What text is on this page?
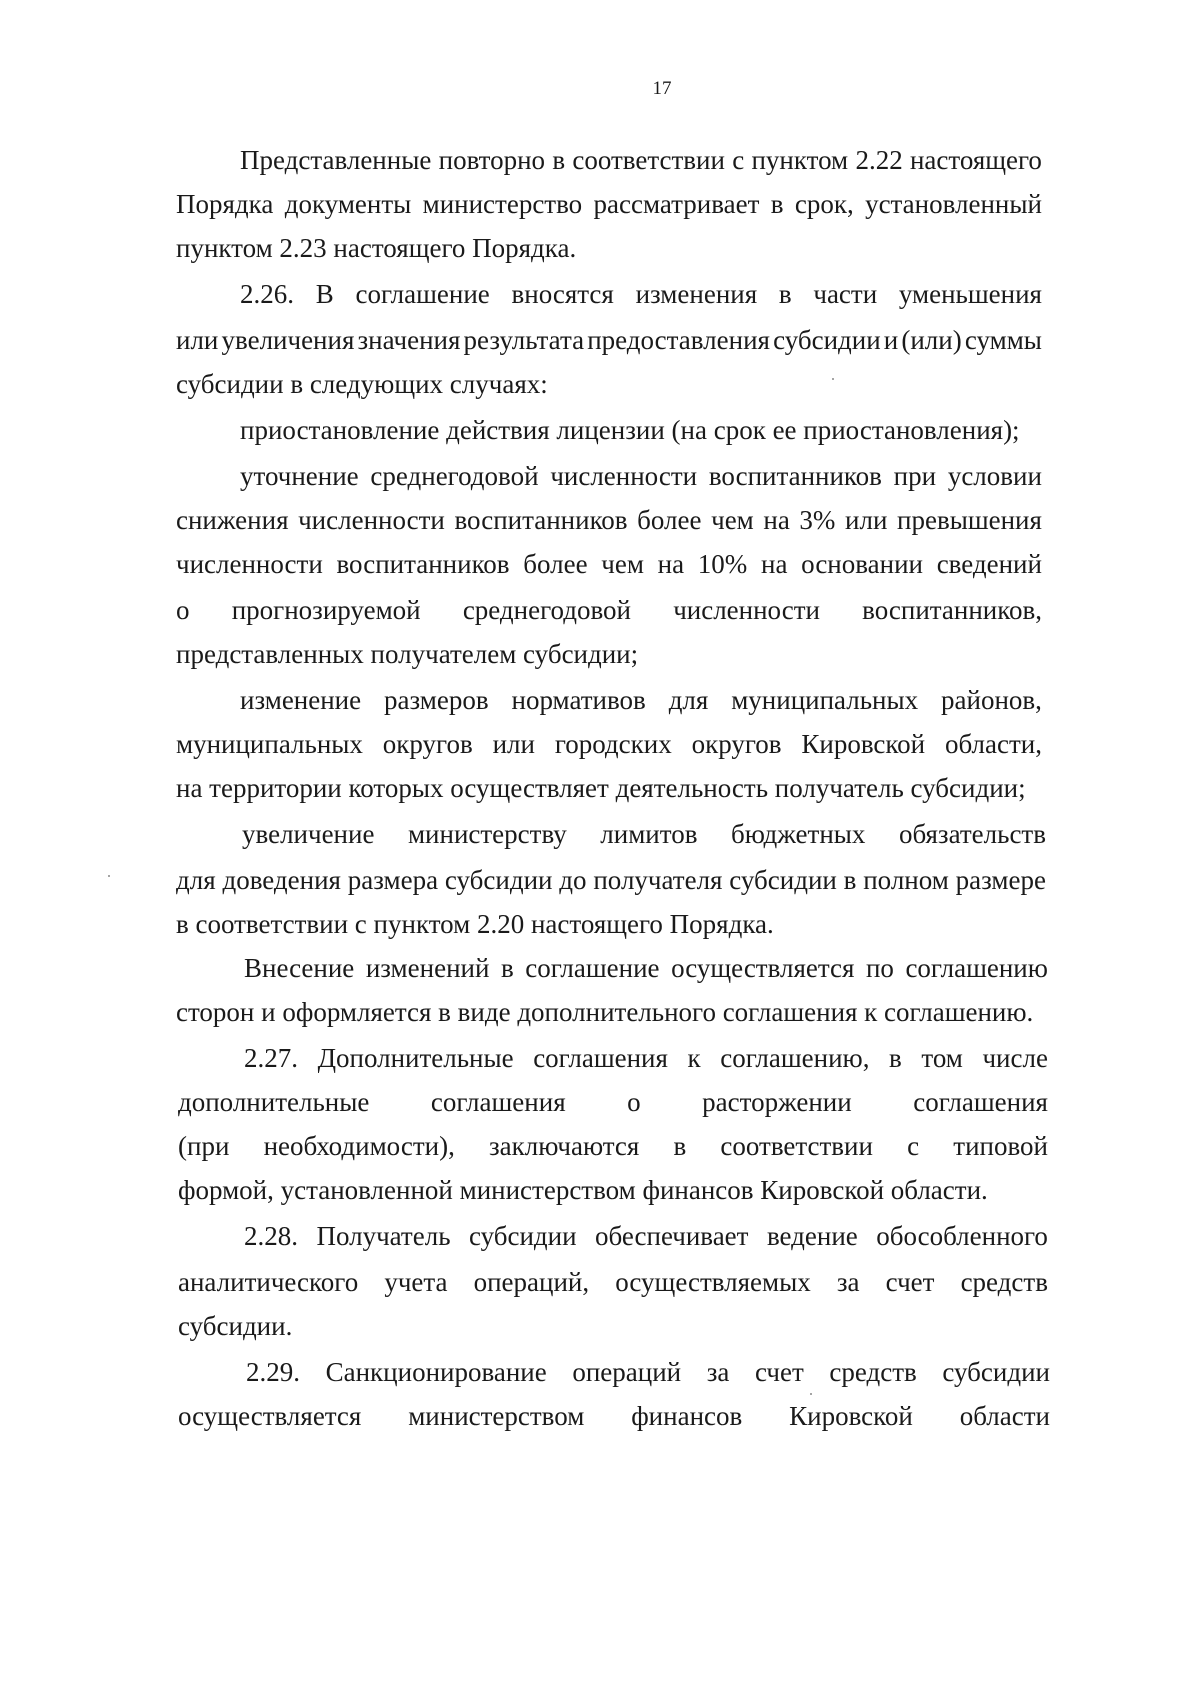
17
Представленные повторно в соответствии с пунктом 2.22 настоящего
Порядка документы министерство рассматривает в срок, установленный
пунктом 2.23 настоящего Порядка.
2.26. В соглашение вносятся изменения в части уменьшения
или увеличения значения результата предоставления субсидии и (или) суммы
субсидии в следующих случаях:
приостановление действия лицензии (на срок ее приостановления);
уточнение среднегодовой численности воспитанников при условии
снижения численности воспитанников более чем на 3% или превышения
численности воспитанников более чем на 10% на основании сведений
о прогнозируемой среднегодовой численности воспитанников,
представленных получателем субсидии;
изменение размеров нормативов для муниципальных районов,
муниципальных округов или городских округов Кировской области,
на территории которых осуществляет деятельность получатель субсидии;
увеличение министерству лимитов бюджетных обязательств
для доведения размера субсидии до получателя субсидии в полном размере
в соответствии с пунктом 2.20 настоящего Порядка.
Внесение изменений в соглашение осуществляется по соглашению
сторон и оформляется в виде дополнительного соглашения к соглашению.
2.27. Дополнительные соглашения к соглашению, в том числе
дополнительные соглашения о расторжении соглашения
(при необходимости), заключаются в соответствии с типовой
формой, установленной министерством финансов Кировской области.
2.28. Получатель субсидии обеспечивает ведение обособленного
аналитического учета операций, осуществляемых за счет средств
субсидии.
2.29. Санкционирование операций за счет средств субсидии
осуществляется министерством финансов Кировской области
